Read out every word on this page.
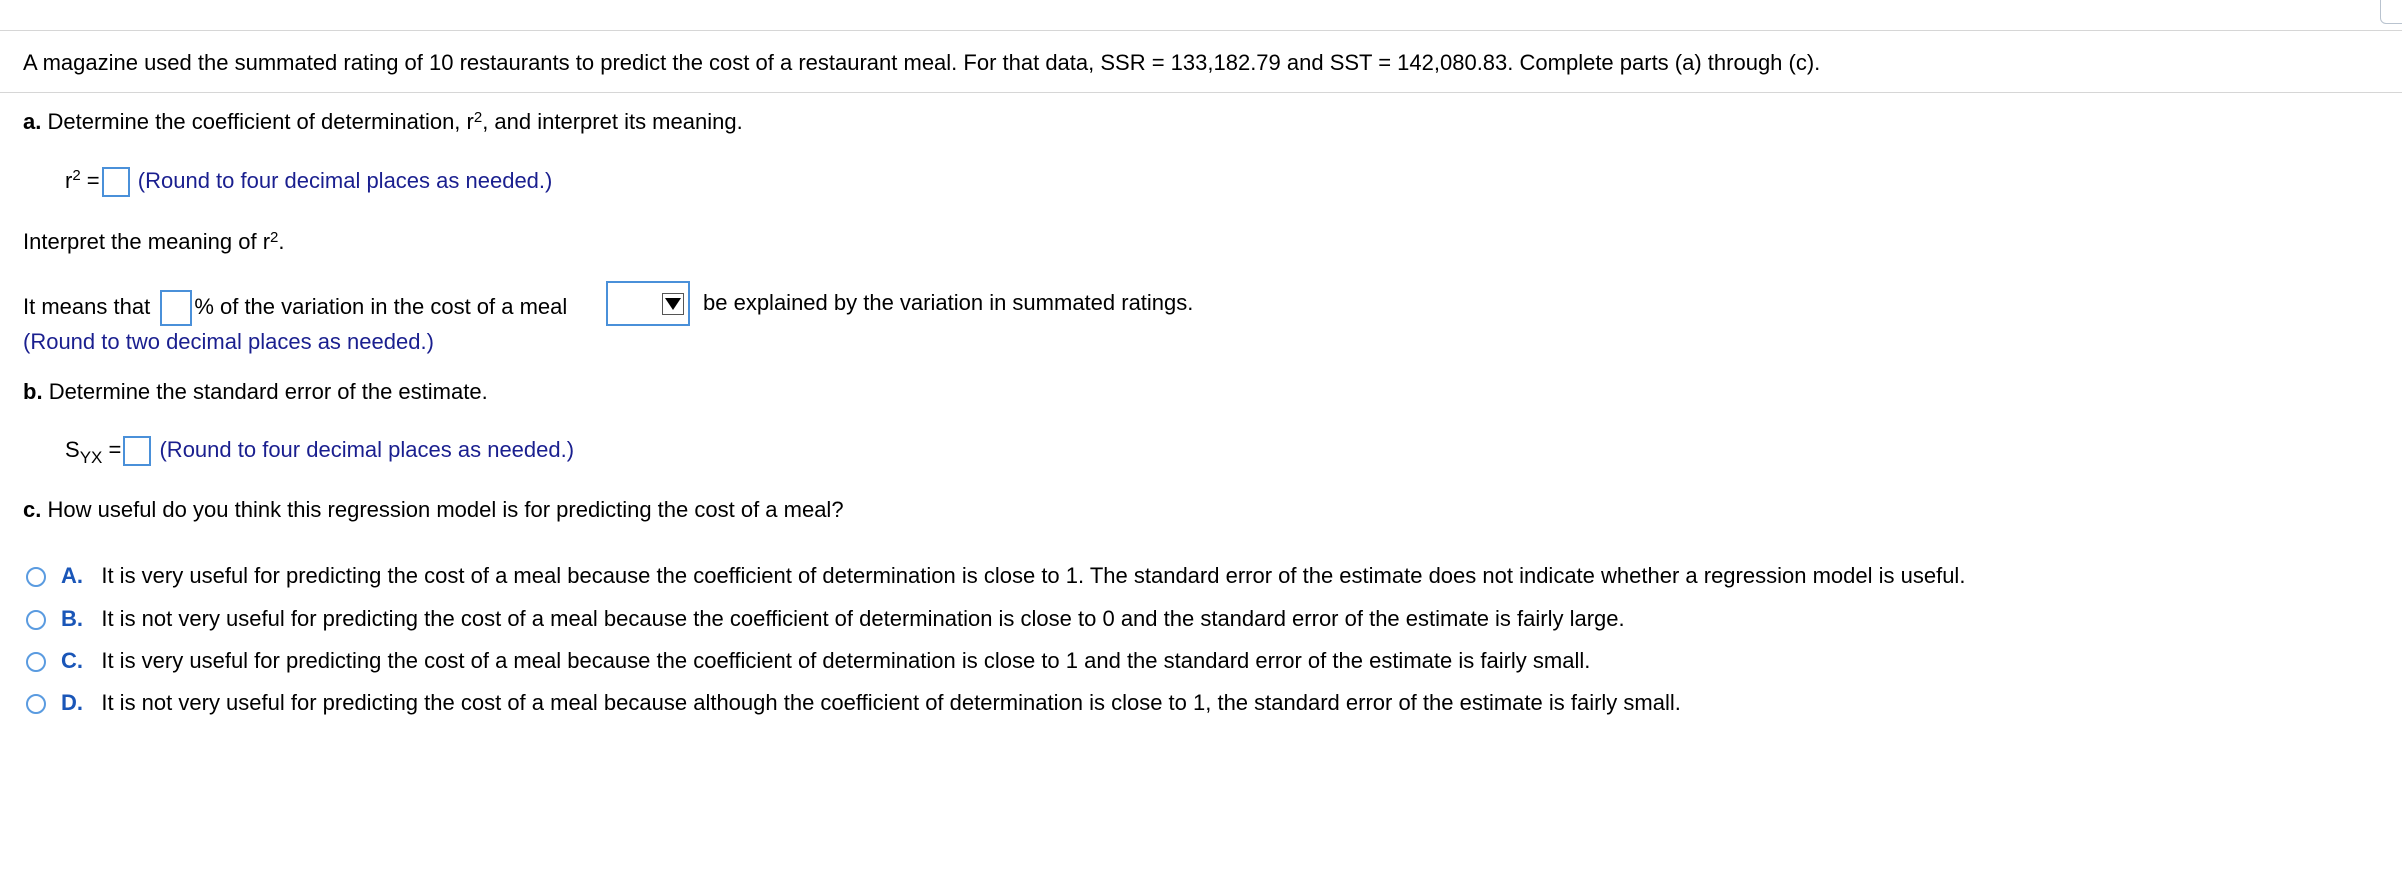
A magazine used the summated rating of 10 restaurants to predict the cost of a restaurant meal. For that data, SSR = 133,182.79 and SST = 142,080.83. Complete parts (a) through (c).
a. Determine the coefficient of determination, $r^2$, and interpret its meaning.
$r^2$ = (Round to four decimal places as needed.)
Interpret the meaning of $r^2$.
It means that % of the variation in the cost of a meal	be explained by the variation in summated ratings.
(Round to two decimal places as needed.)
b. Determine the standard error of the estimate.
$S_{YX}$ = (Round to four decimal places as needed.)
c. How useful do you think this regression model is for predicting the cost of a meal?
A. It is very useful for predicting the cost of a meal because the coefficient of determination is close to 1. The standard error of the estimate does not indicate whether a regression model is useful.
B. It is not very useful for predicting the cost of a meal because the coefficient of determination is close to 0 and the standard error of the estimate is fairly large.
C. It is very useful for predicting the cost of a meal because the coefficient of determination is close to 1 and the standard error of the estimate is fairly small.
D. It is not very useful for predicting the cost of a meal because although the coefficient of determination is close to 1, the standard error of the estimate is fairly small.
